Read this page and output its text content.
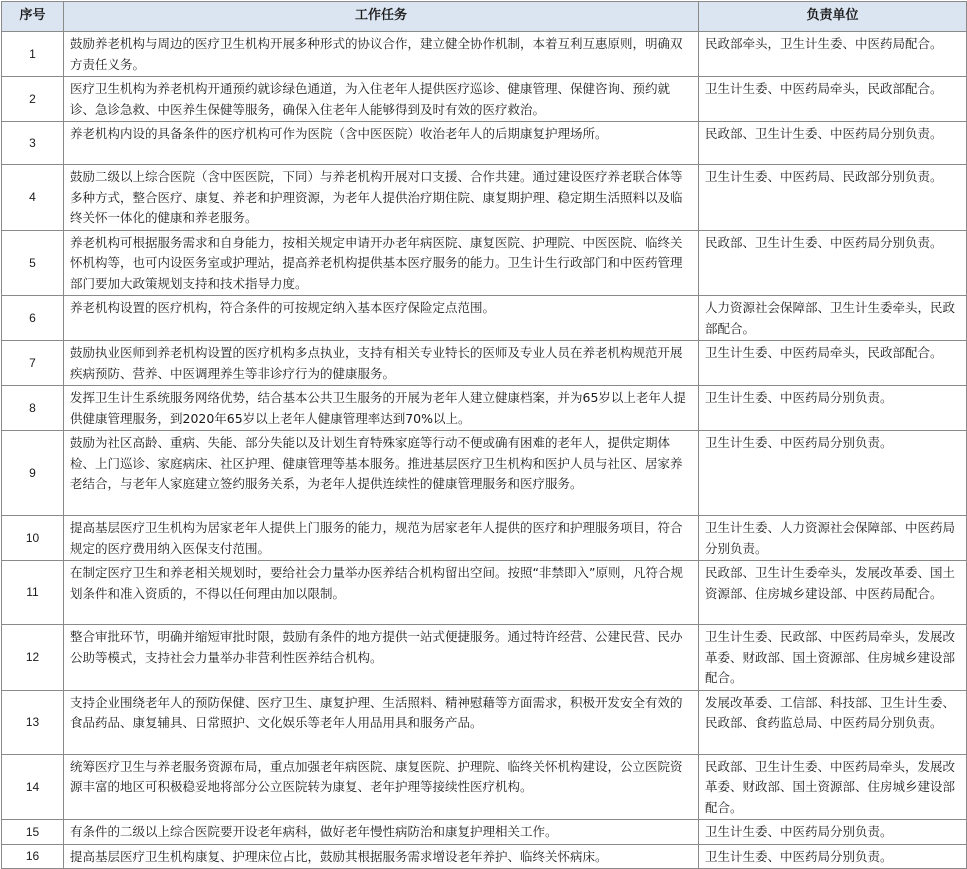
序号	工作任务	负责单位
1	鼓励养老机构与周边的医疗卫生机构开展多种形式的协议合作，建立健全协作机制，本着互利互惠原则，明确双方责任义务。	民政部牵头，卫生计生委、中医药局配合。
2	医疗卫生机构为养老机构开通预约就诊绿色通道，为入住老年人提供医疗巡诊、健康管理、保健咨询、预约就诊、急诊急救、中医养生保健等服务，确保入住老年人能够得到及时有效的医疗救治。	卫生计生委、中医药局牵头，民政部配合。
3	养老机构内设的具备条件的医疗机构可作为医院（含中医医院）收治老年人的后期康复护理场所。	民政部、卫生计生委、中医药局分别负责。
4	鼓励二级以上综合医院（含中医医院，下同）与养老机构开展对口支援、合作共建。通过建设医疗养老联合体等多种方式，整合医疗、康复、养老和护理资源，为老年人提供治疗期住院、康复期护理、稳定期生活照料以及临终关怀一体化的健康和养老服务。	卫生计生委、中医药局、民政部分别负责。
5	养老机构可根据服务需求和自身能力，按相关规定申请开办老年病医院、康复医院、护理院、中医医院、临终关怀机构等，也可内设医务室或护理站，提高养老机构提供基本医疗服务的能力。卫生计生行政部门和中医药管理部门要加大政策规划支持和技术指导力度。	民政部、卫生计生委、中医药局分别负责。
6	养老机构设置的医疗机构，符合条件的可按规定纳入基本医疗保险定点范围。	人力资源社会保障部、卫生计生委牵头，民政部配合。
7	鼓励执业医师到养老机构设置的医疗机构多点执业，支持有相关专业特长的医师及专业人员在养老机构规范开展疾病预防、营养、中医调理养生等非诊疗行为的健康服务。	卫生计生委、中医药局牵头，民政部配合。
8	发挥卫生计生系统服务网络优势，结合基本公共卫生服务的开展为老年人建立健康档案，并为65岁以上老年人提供健康管理服务，到2020年65岁以上老年人健康管理率达到70%以上。	卫生计生委、中医药局分别负责。
9	鼓励为社区高龄、重病、失能、部分失能以及计划生育特殊家庭等行动不便或确有困难的老年人，提供定期体检、上门巡诊、家庭病床、社区护理、健康管理等基本服务。推进基层医疗卫生机构和医护人员与社区、居家养老结合，与老年人家庭建立签约服务关系，为老年人提供连续性的健康管理服务和医疗服务。	卫生计生委、中医药局分别负责。
10	提高基层医疗卫生机构为居家老年人提供上门服务的能力，规范为居家老年人提供的医疗和护理服务项目，符合规定的医疗费用纳入医保支付范围。	卫生计生委、人力资源社会保障部、中医药局分别负责。
11	在制定医疗卫生和养老相关规划时，要给社会力量举办医养结合机构留出空间。按照“非禁即入”原则，凡符合规划条件和准入资质的，不得以任何理由加以限制。	民政部、卫生计生委牵头，发展改革委、国土资源部、住房城乡建设部、中医药局配合。
12	整合审批环节，明确并缩短审批时限，鼓励有条件的地方提供一站式便捷服务。通过特许经营、公建民营、民办公助等模式，支持社会力量举办非营利性医养结合机构。	卫生计生委、民政部、中医药局牵头，发展改革委、财政部、国土资源部、住房城乡建设部配合。
13	支持企业围绕老年人的预防保健、医疗卫生、康复护理、生活照料、精神慰藉等方面需求，积极开发安全有效的食品药品、康复辅具、日常照护、文化娱乐等老年人用品用具和服务产品。	发展改革委、工信部、科技部、卫生计生委、民政部、食药监总局、中医药局分别负责。
14	统筹医疗卫生与养老服务资源布局，重点加强老年病医院、康复医院、护理院、临终关怀机构建设，公立医院资源丰富的地区可积极稳妥地将部分公立医院转为康复、老年护理等接续性医疗机构。	民政部、卫生计生委、中医药局牵头，发展改革委、财政部、国土资源部、住房城乡建设部配合。
15	有条件的二级以上综合医院要开设老年病科，做好老年慢性病防治和康复护理相关工作。	卫生计生委、中医药局分别负责。
16	提高基层医疗卫生机构康复、护理床位占比，鼓励其根据服务需求增设老年养护、临终关怀病床。	卫生计生委、中医药局分别负责。
